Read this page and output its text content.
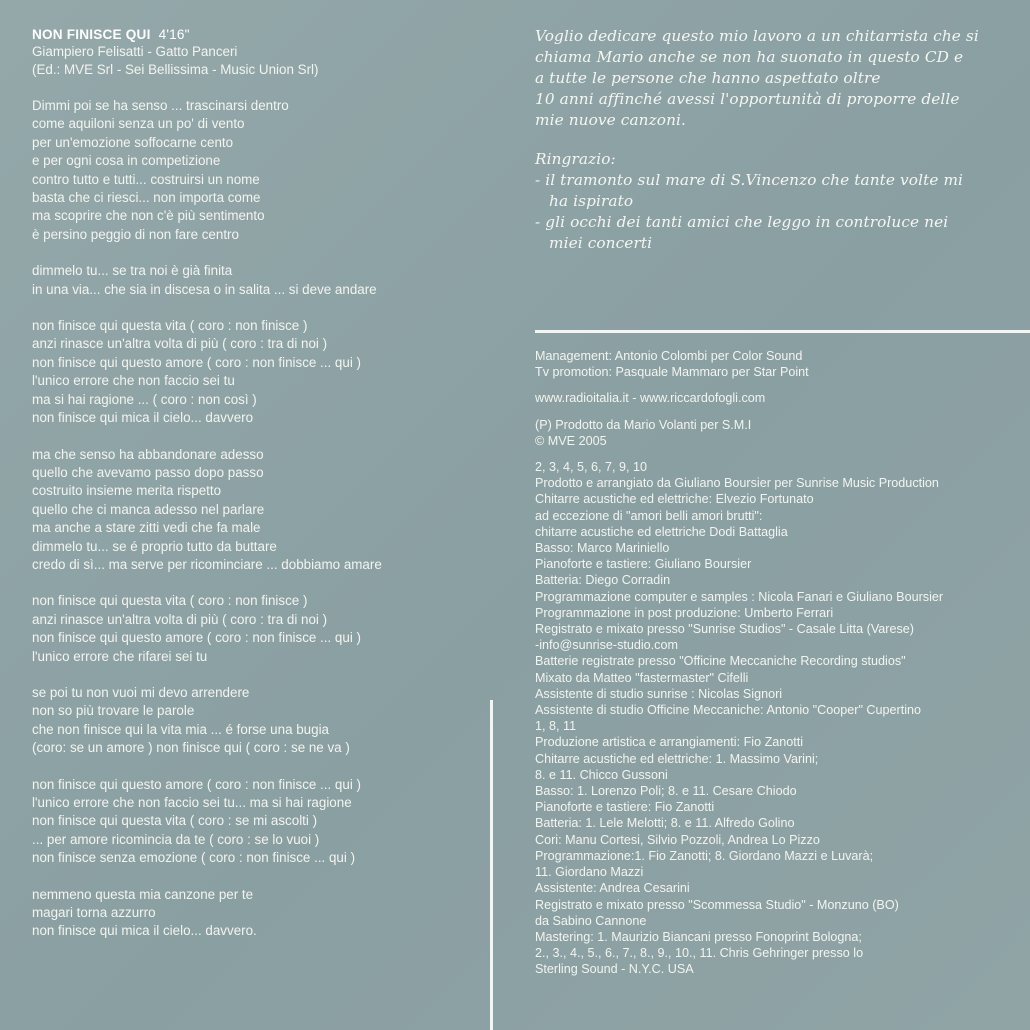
NON FINISCE QUI 4'16"
Giampiero Felisatti - Gatto Panceri
(Ed.: MVE Srl - Sei Bellissima - Music Union Srl)
Dimmi poi se ha senso ... trascinarsi dentro
come aquiloni senza un po' di vento
per un'emozione soffocarne cento
e per ogni cosa in competizione
contro tutto e tutti... costruirsi un nome
basta che ci riesci... non importa come
ma scoprire che non c'è più sentimento
è persino peggio di non fare centro
dimmelo tu... se tra noi è già finita
in una via... che sia in discesa o in salita ... si deve andare
non finisce qui questa vita ( coro : non finisce )
anzi rinasce un'altra volta di più ( coro : tra di noi )
non finisce qui questo amore ( coro : non finisce ... qui )
l'unico errore che non faccio sei tu
ma si hai ragione ... ( coro : non così )
non finisce qui mica il cielo... davvero
ma che senso ha abbandonare adesso
quello che avevamo passo dopo passo
costruito insieme merita rispetto
quello che ci manca adesso nel parlare
ma anche a stare zitti vedi che fa male
dimmelo tu... se é proprio tutto da buttare
credo di sì... ma serve per ricominciare ... dobbiamo amare
non finisce qui questa vita ( coro : non finisce )
anzi rinasce un'altra volta di più ( coro : tra di noi )
non finisce qui questo amore ( coro : non finisce ... qui )
l'unico errore che rifarei sei tu
se poi tu non vuoi mi devo arrendere
non so più trovare le parole
che non finisce qui la vita mia ... é forse una bugia
(coro: se un amore ) non finisce qui ( coro : se ne va )
non finisce qui questo amore ( coro : non finisce ... qui )
l'unico errore che non faccio sei tu... ma si hai ragione
non finisce qui questa vita ( coro : se mi ascolti )
... per amore ricomincia da te ( coro : se lo vuoi )
non finisce senza emozione ( coro : non finisce ... qui )
nemmeno questa mia canzone per te
magari torna azzurro
non finisce qui mica il cielo... davvero.
Voglio dedicare questo mio lavoro a un chitarrista che si
chiama Mario anche se non ha suonato in questo CD e
a tutte le persone che hanno aspettato oltre
10 anni affinché avessi l'opportunità di proporre delle
mie nuove canzoni.
Ringrazio:
- il tramonto sul mare di S.Vincenzo che tante volte mi
ha ispirato
- gli occhi dei tanti amici che leggo in controluce nei
miei concerti
Management: Antonio Colombi per Color Sound
Tv promotion: Pasquale Mammaro per Star Point
www.radioitalia.it - www.riccardofogli.com
(P) Prodotto da Mario Volanti per S.M.I
© MVE 2005
2, 3, 4, 5, 6, 7, 9, 10
Prodotto e arrangiato da Giuliano Boursier per Sunrise Music Production
Chitarre acustiche ed elettriche: Elvezio Fortunato
ad eccezione di "amori belli amori brutti":
chitarre acustiche ed elettriche Dodi Battaglia
Basso: Marco Mariniello
Pianoforte e tastiere: Giuliano Boursier
Batteria: Diego Corradin
Programmazione computer e samples : Nicola Fanari e Giuliano Boursier
Programmazione in post produzione: Umberto Ferrari
Registrato e mixato presso "Sunrise Studios" - Casale Litta (Varese)
-info@sunrise-studio.com
Batterie registrate presso "Officine Meccaniche Recording studios"
Mixato da Matteo "fastermaster" Cifelli
Assistente di studio sunrise : Nicolas Signori
Assistente di studio Officine Meccaniche: Antonio "Cooper" Cupertino
1, 8, 11
Produzione artistica e arrangiamenti: Fio Zanotti
Chitarre acustiche ed elettriche: 1. Massimo Varini;
8. e 11. Chicco Gussoni
Basso: 1. Lorenzo Poli; 8. e 11. Cesare Chiodo
Pianoforte e tastiere: Fio Zanotti
Batteria: 1. Lele Melotti; 8. e 11. Alfredo Golino
Cori: Manu Cortesi, Silvio Pozzoli, Andrea Lo Pizzo
Programmazione:1. Fio Zanotti; 8. Giordano Mazzi e Luvarà;
11. Giordano Mazzi
Assistente: Andrea Cesarini
Registrato e mixato presso "Scommessa Studio" - Monzuno (BO)
da Sabino Cannone
Mastering: 1. Maurizio Biancani presso Fonoprint Bologna;
2., 3., 4., 5., 6., 7., 8., 9., 10., 11. Chris Gehringer presso lo
Sterling Sound - N.Y.C. USA
